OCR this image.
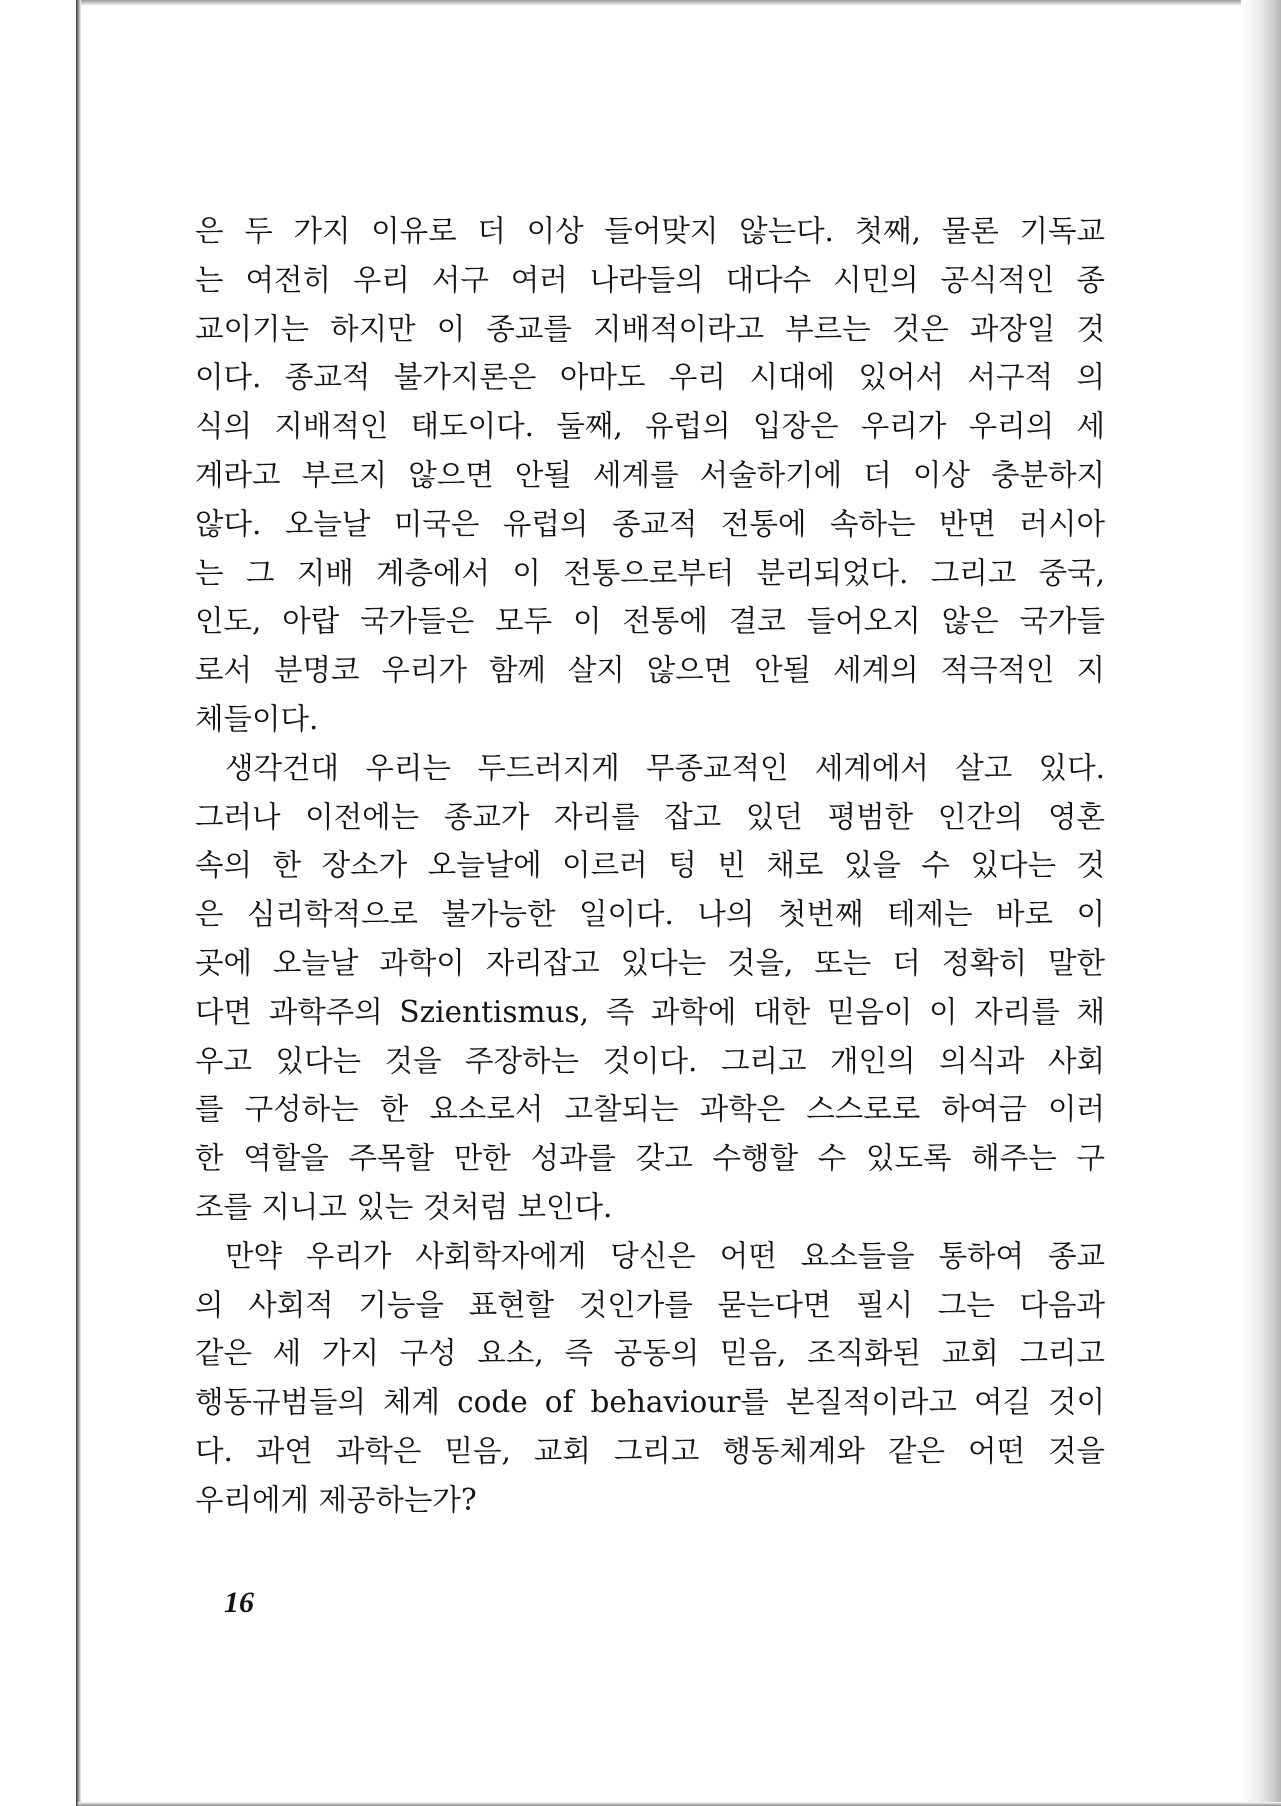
은 두 가지 이유로 더 이상 들어맞지 않는다. 첫째, 물론 기독교
는 여전히 우리 서구 여러 나라들의 대다수 시민의 공식적인 종
교이기는 하지만 이 종교를 지배적이라고 부르는 것은 과장일 것
이다. 종교적 불가지론은 아마도 우리 시대에 있어서 서구적 의
식의 지배적인 태도이다. 둘째, 유럽의 입장은 우리가 우리의 세
계라고 부르지 않으면 안될 세계를 서술하기에 더 이상 충분하지
않다. 오늘날 미국은 유럽의 종교적 전통에 속하는 반면 러시아
는 그 지배 계층에서 이 전통으로부터 분리되었다. 그리고 중국,
인도, 아랍 국가들은 모두 이 전통에 결코 들어오지 않은 국가들
로서 분명코 우리가 함께 살지 않으면 안될 세계의 적극적인 지
체들이다.
생각건대 우리는 두드러지게 무종교적인 세계에서 살고 있다.
그러나 이전에는 종교가 자리를 잡고 있던 평범한 인간의 영혼
속의 한 장소가 오늘날에 이르러 텅 빈 채로 있을 수 있다는 것
은 심리학적으로 불가능한 일이다. 나의 첫번째 테제는 바로 이
곳에 오늘날 과학이 자리잡고 있다는 것을, 또는 더 정확히 말한
다면 과학주의 Szientismus, 즉 과학에 대한 믿음이 이 자리를 채
우고 있다는 것을 주장하는 것이다. 그리고 개인의 의식과 사회
를 구성하는 한 요소로서 고찰되는 과학은 스스로로 하여금 이러
한 역할을 주목할 만한 성과를 갖고 수행할 수 있도록 해주는 구
조를 지니고 있는 것처럼 보인다.
만약 우리가 사회학자에게 당신은 어떤 요소들을 통하여 종교
의 사회적 기능을 표현할 것인가를 묻는다면 필시 그는 다음과
같은 세 가지 구성 요소, 즉 공동의 믿음, 조직화된 교회 그리고
행동규범들의 체계 code of behaviour를 본질적이라고 여길 것이
다. 과연 과학은 믿음, 교회 그리고 행동체계와 같은 어떤 것을
우리에게 제공하는가?
16
